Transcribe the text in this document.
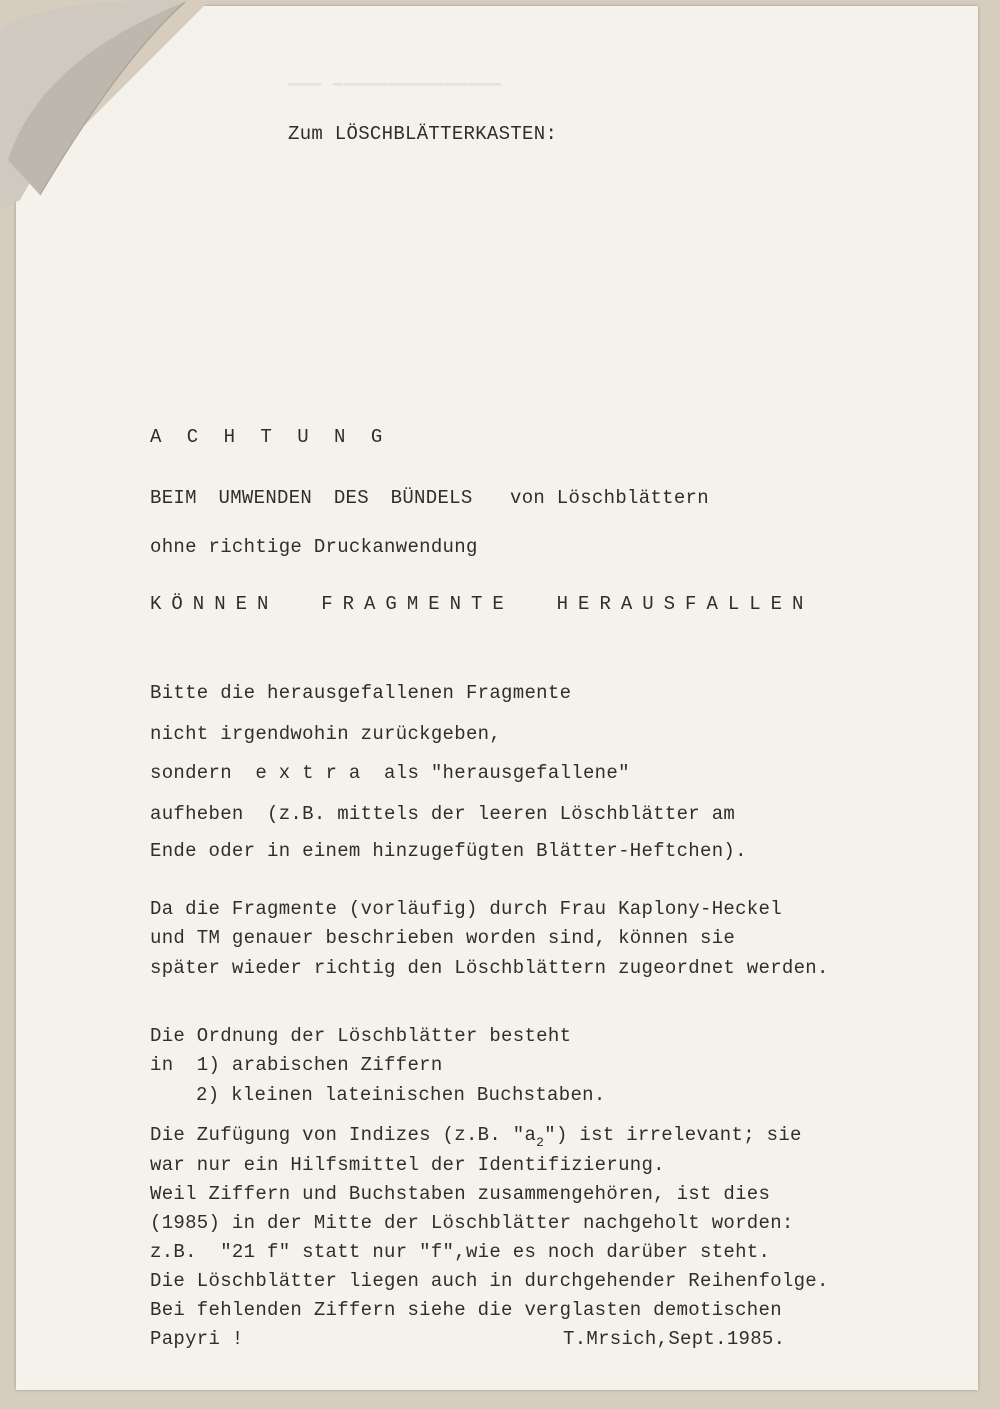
▔▔▔ ▔▔▔▔▔▔▔▔▔▔▔▔▔▔▔
Zum LÖSCHBLÄTTERKASTEN:
A C H T U N G
BEIM UMWENDEN DES BÜNDELS von Löschblättern
ohne richtige Druckanwendung
KÖNNEN  FRAGMENTE  HERAUSFALLEN
Bitte die herausgefallenen Fragmente
nicht irgendwohin zurückgeben,
sondern  e x t r a  als "herausgefallene"
aufheben  (z.B. mittels der leeren Löschblätter am
Ende oder in einem hinzugefügten Blätter-Heftchen).
Da die Fragmente (vorläufig) durch Frau Kaplony-Heckel
und TM genauer beschrieben worden sind, können sie
später wieder richtig den Löschblättern zugeordnet werden.
Die Ordnung der Löschblätter besteht
in  1) arabischen Ziffern
2) kleinen lateinischen Buchstaben.
Die Zufügung von Indizes (z.B. "$a_2$") ist irrelevant; sie
war nur ein Hilfsmittel der Identifizierung.
Weil Ziffern und Buchstaben zusammengehören, ist dies
(1985) in der Mitte der Löschblätter nachgeholt worden:
z.B.  "21 f" statt nur "f",wie es noch darüber steht.
Die Löschblätter liegen auch in durchgehender Reihenfolge.
Bei fehlenden Ziffern siehe die verglasten demotischen
Papyri !	T.Mrsich,Sept.1985.
